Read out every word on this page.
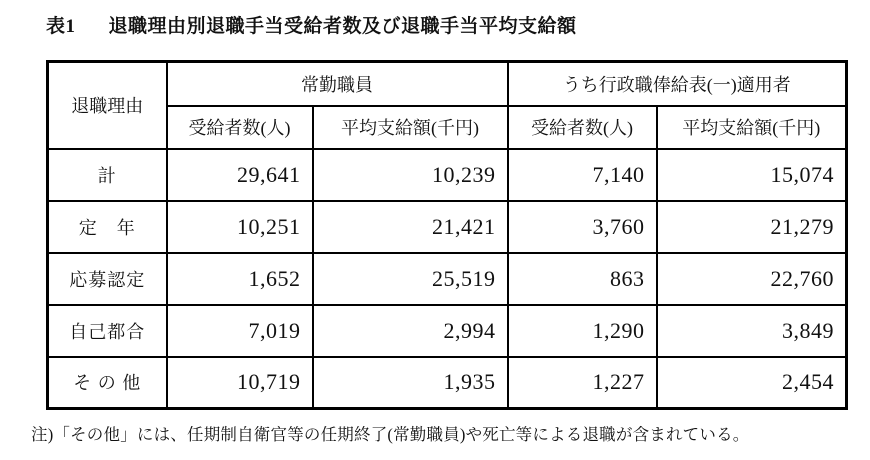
表1 退職理由別退職手当受給者数及び退職手当平均支給額
退職理由	常勤職員		うち行政職俸給表(一)適用者	
	受給者数(人)	平均支給額(千円)	受給者数(人)	平均支給額(千円)
計	29,641	10,239	7,140	15,074
定　年	10,251	21,421	3,760	21,279
応募認定	1,652	25,519	863	22,760
自己都合	7,019	2,994	1,290	3,849
そ の 他	10,719	1,935	1,227	2,454
注)「その他」には、任期制自衛官等の任期終了(常勤職員)や死亡等による退職が含まれている。
